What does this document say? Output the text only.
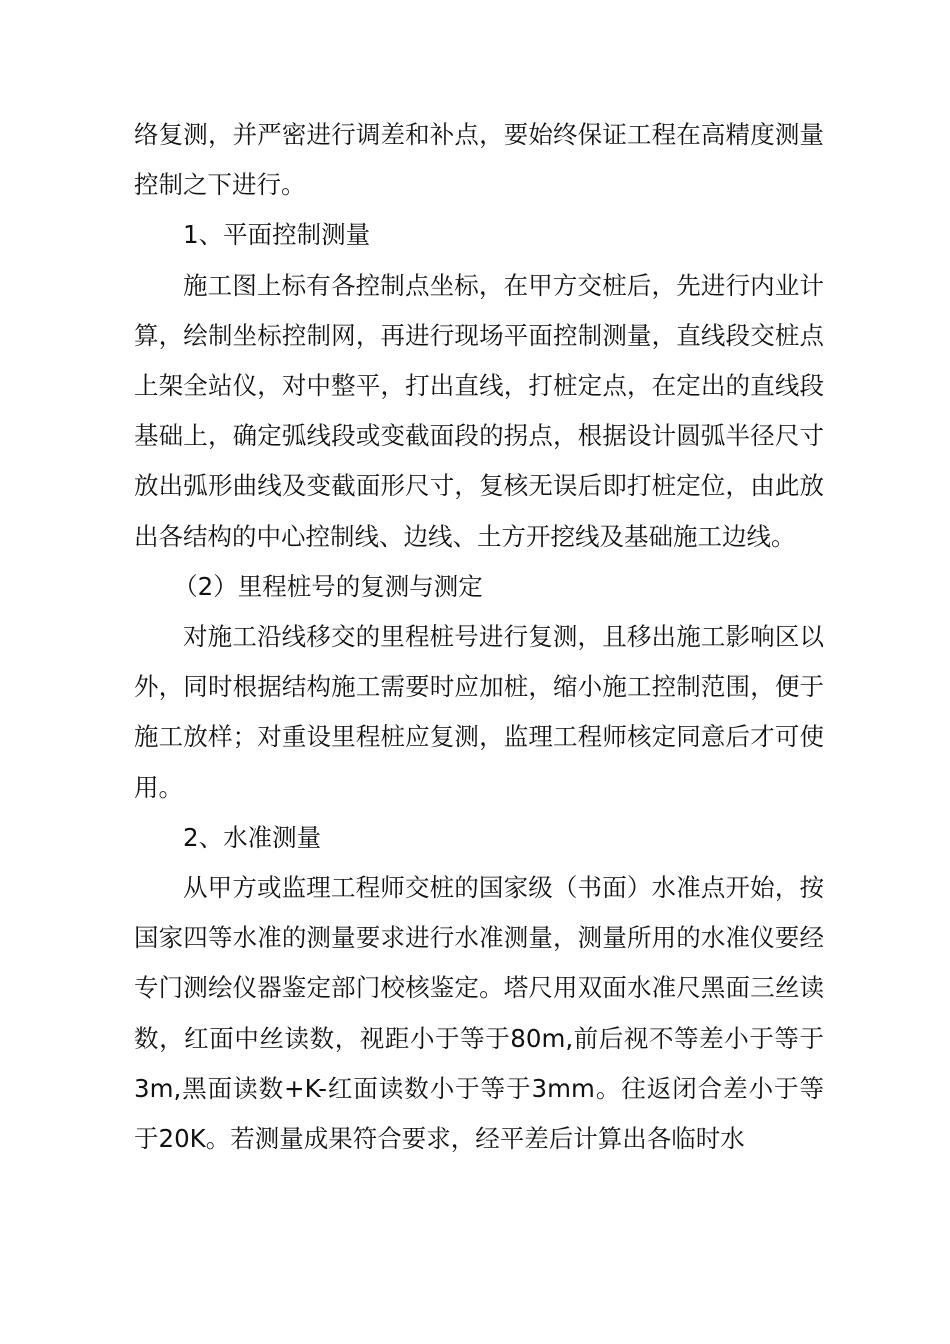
络复测，并严密进行调差和补点，要始终保证工程在高精度测量控制之下进行。

1、平面控制测量

施工图上标有各控制点坐标，在甲方交桩后，先进行内业计算，绘制坐标控制网，再进行现场平面控制测量，直线段交桩点上架全站仪，对中整平，打出直线，打桩定点，在定出的直线段基础上，确定弧线段或变截面段的拐点，根据设计圆弧半径尺寸放出弧形曲线及变截面形尺寸，复核无误后即打桩定位，由此放出各结构的中心控制线、边线、土方开挖线及基础施工边线。

（2）里程桩号的复测与测定

对施工沿线移交的里程桩号进行复测，且移出施工影响区以外，同时根据结构施工需要时应加桩，缩小施工控制范围，便于施工放样；对重设里程桩应复测，监理工程师核定同意后才可使用。

2、水准测量

从甲方或监理工程师交桩的国家级（书面）水准点开始，按国家四等水准的测量要求进行水准测量，测量所用的水准仪要经专门测绘仪器鉴定部门校核鉴定。塔尺用双面水准尺黑面三丝读数，红面中丝读数，视距小于等于80m,前后视不等差小于等于3m,黑面读数+K-红面读数小于等于3mm。往返闭合差小于等于20K。若测量成果符合要求，经平差后计算出各临时水
